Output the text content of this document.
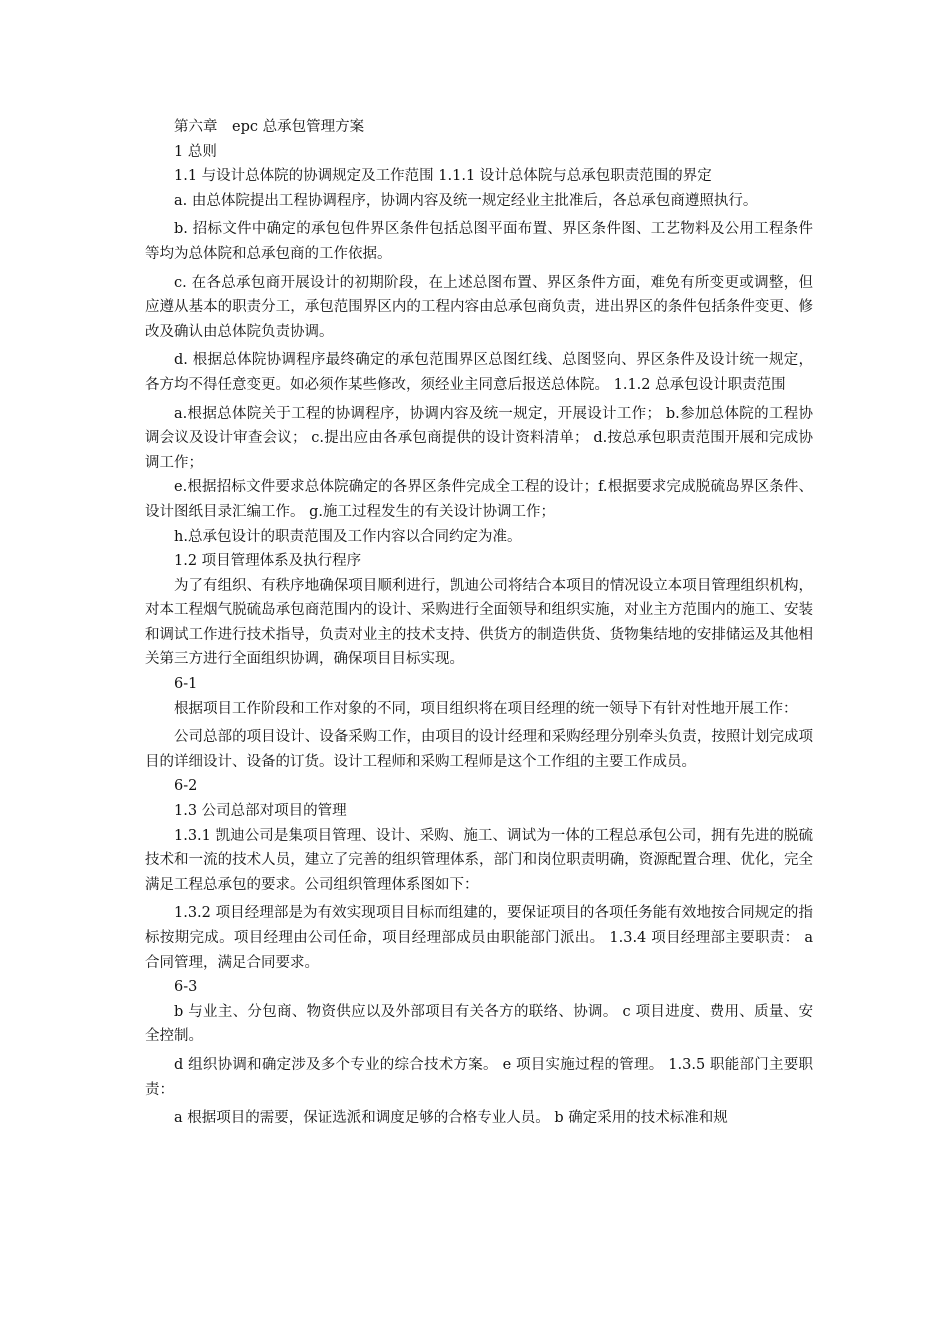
第六章　epc 总承包管理方案

1 总则

1.1 与设计总体院的协调规定及工作范围 1.1.1 设计总体院与总承包职责范围的界定

a. 由总体院提出工程协调程序，协调内容及统一规定经业主批准后，各总承包商遵照执行。

b. 招标文件中确定的承包包件界区条件包括总图平面布置、界区条件图、工艺物料及公用工程条件等均为总体院和总承包商的工作依据。

c. 在各总承包商开展设计的初期阶段，在上述总图布置、界区条件方面，难免有所变更或调整，但应遵从基本的职责分工，承包范围界区内的工程内容由总承包商负责，进出界区的条件包括条件变更、修改及确认由总体院负责协调。

d. 根据总体院协调程序最终确定的承包范围界区总图红线、总图竖向、界区条件及设计统一规定，各方均不得任意变更。如必须作某些修改，须经业主同意后报送总体院。 1.1.2 总承包设计职责范围

a.根据总体院关于工程的协调程序，协调内容及统一规定，开展设计工作； b.参加总体院的工程协调会议及设计审查会议； c.提出应由各承包商提供的设计资料清单； d.按总承包职责范围开展和完成协调工作；

e.根据招标文件要求总体院确定的各界区条件完成全工程的设计；f.根据要求完成脱硫岛界区条件、设计图纸目录汇编工作。 g.施工过程发生的有关设计协调工作；

h.总承包设计的职责范围及工作内容以合同约定为准。

1.2 项目管理体系及执行程序

为了有组织、有秩序地确保项目顺利进行，凯迪公司将结合本项目的情况设立本项目管理组织机构，对本工程烟气脱硫岛承包商范围内的设计、采购进行全面领导和组织实施，对业主方范围内的施工、安装和调试工作进行技术指导，负责对业主的技术支持、供货方的制造供货、货物集结地的安排储运及其他相关第三方进行全面组织协调，确保项目目标实现。

6-1

根据项目工作阶段和工作对象的不同，项目组织将在项目经理的统一领导下有针对性地开展工作：

公司总部的项目设计、设备采购工作，由项目的设计经理和采购经理分别牵头负责，按照计划完成项目的详细设计、设备的订货。设计工程师和采购工程师是这个工作组的主要工作成员。

6-2

1.3 公司总部对项目的管理

1.3.1 凯迪公司是集项目管理、设计、采购、施工、调试为一体的工程总承包公司，拥有先进的脱硫技术和一流的技术人员，建立了完善的组织管理体系，部门和岗位职责明确，资源配置合理、优化，完全满足工程总承包的要求。公司组织管理体系图如下：

1.3.2 项目经理部是为有效实现项目目标而组建的，要保证项目的各项任务能有效地按合同规定的指标按期完成。项目经理由公司任命，项目经理部成员由职能部门派出。 1.3.4 项目经理部主要职责： a 合同管理，满足合同要求。

6-3

b 与业主、分包商、物资供应以及外部项目有关各方的联络、协调。 c 项目进度、费用、质量、安全控制。

d 组织协调和确定涉及多个专业的综合技术方案。 e 项目实施过程的管理。 1.3.5 职能部门主要职责：

a 根据项目的需要，保证选派和调度足够的合格专业人员。 b 确定采用的技术标准和规
